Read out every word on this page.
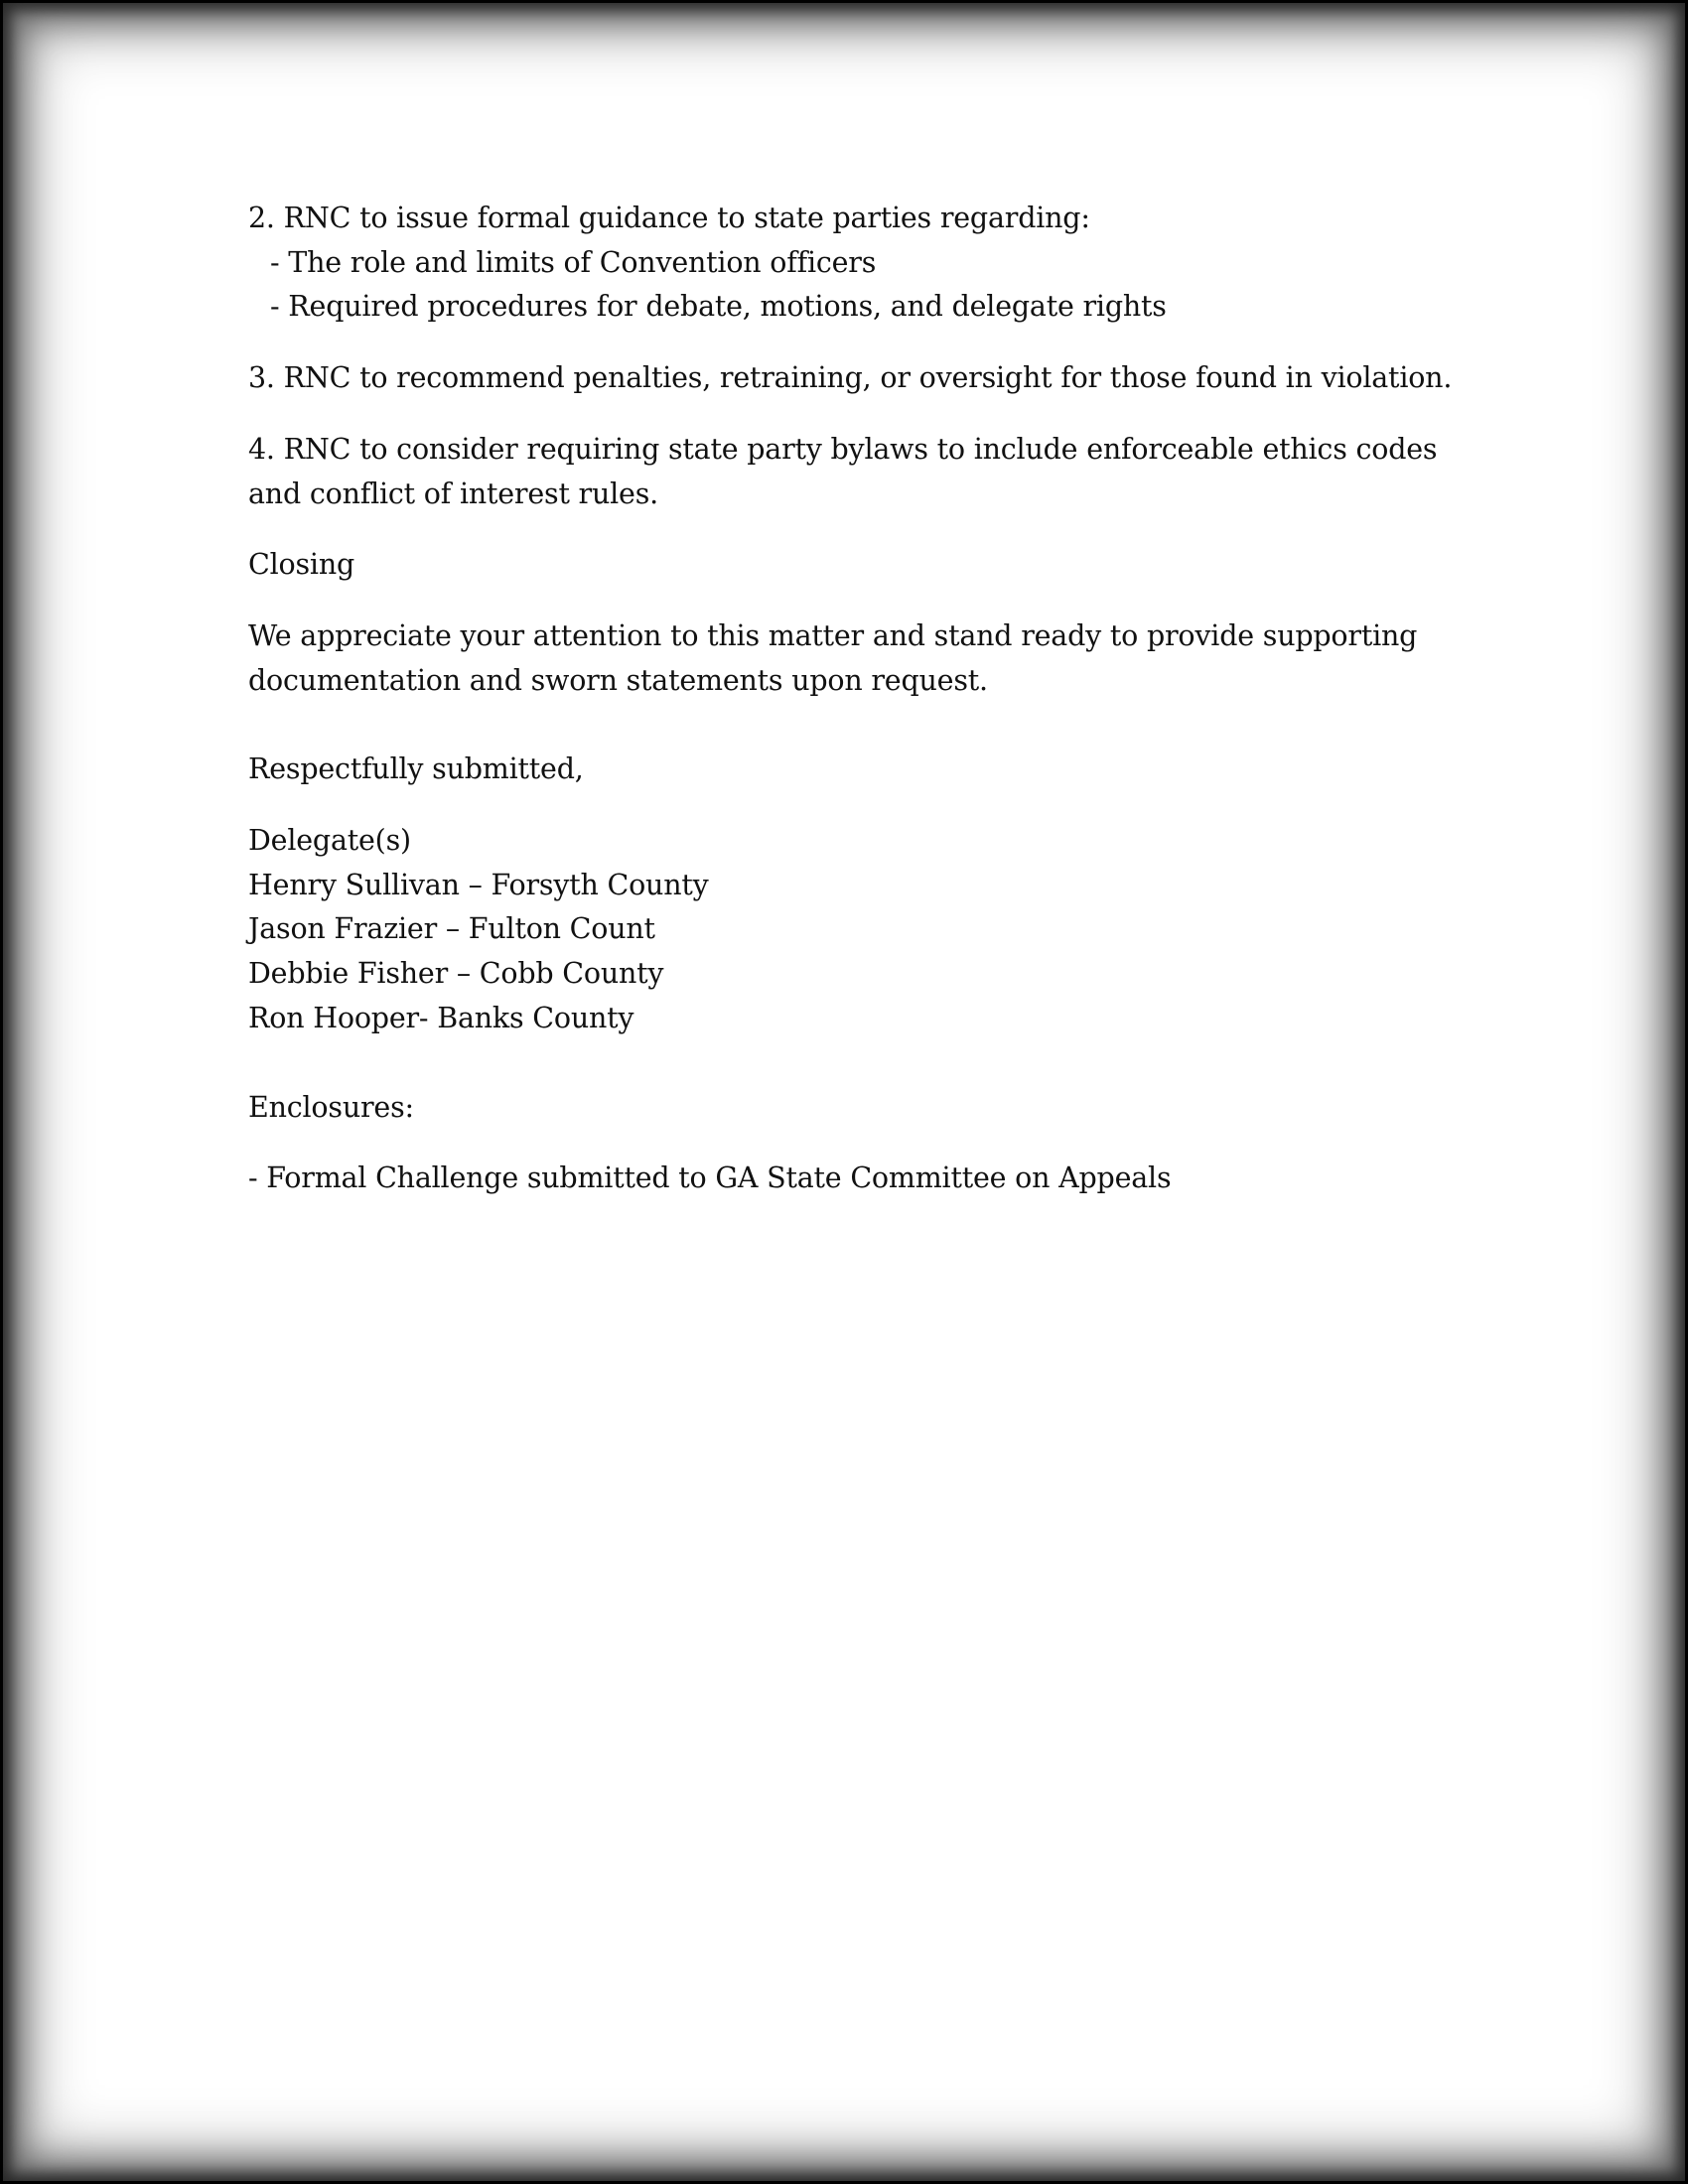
2. RNC to issue formal guidance to state parties regarding:

- The role and limits of Convention officers

- Required procedures for debate, motions, and delegate rights

3. RNC to recommend penalties, retraining, or oversight for those found in violation.

4. RNC to consider requiring state party bylaws to include enforceable ethics codes

and conflict of interest rules.

Closing

We appreciate your attention to this matter and stand ready to provide supporting

documentation and sworn statements upon request.

Respectfully submitted,

Delegate(s)

Henry Sullivan – Forsyth County

Jason Frazier – Fulton Count

Debbie Fisher – Cobb County

Ron Hooper- Banks County

Enclosures:

- Formal Challenge submitted to GA State Committee on Appeals
